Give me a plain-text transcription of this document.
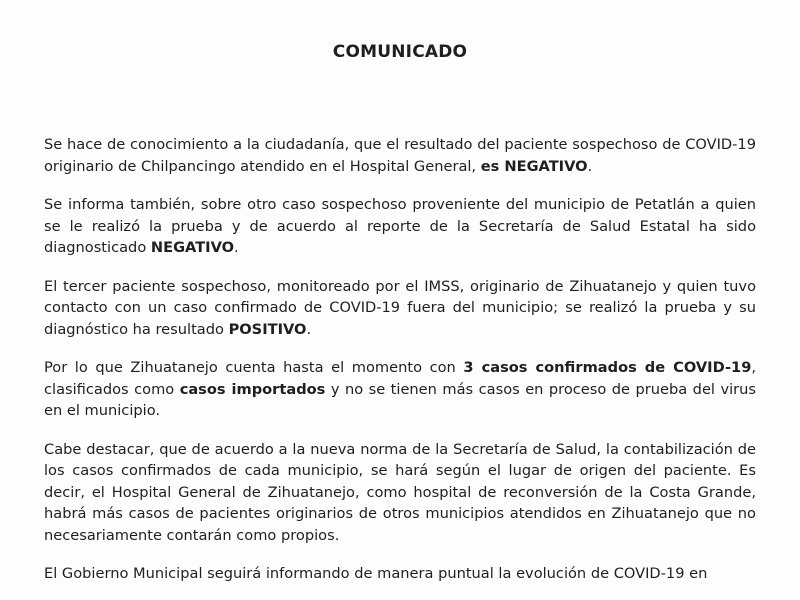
COMUNICADO

Se hace de conocimiento a la ciudadanía, que el resultado del paciente sospechoso de COVID-19 originario de Chilpancingo atendido en el Hospital General, es NEGATIVO.

Se informa también, sobre otro caso sospechoso proveniente del municipio de Petatlán a quien se le realizó la prueba y de acuerdo al reporte de la Secretaría de Salud Estatal ha sido diagnosticado NEGATIVO.

El tercer paciente sospechoso, monitoreado por el IMSS, originario de Zihuatanejo y quien tuvo contacto con un caso confirmado de COVID-19 fuera del municipio; se realizó la prueba y su diagnóstico ha resultado POSITIVO.

Por lo que Zihuatanejo cuenta hasta el momento con 3 casos confirmados de COVID-19, clasificados como casos importados y no se tienen más casos en proceso de prueba del virus en el municipio.

Cabe destacar, que de acuerdo a la nueva norma de la Secretaría de Salud, la contabilización de los casos confirmados de cada municipio, se hará según el lugar de origen del paciente. Es decir, el Hospital General de Zihuatanejo, como hospital de reconversión de la Costa Grande, habrá más casos de pacientes originarios de otros municipios atendidos en Zihuatanejo que no necesariamente contarán como propios.

El Gobierno Municipal seguirá informando de manera puntual la evolución de COVID-19 en
